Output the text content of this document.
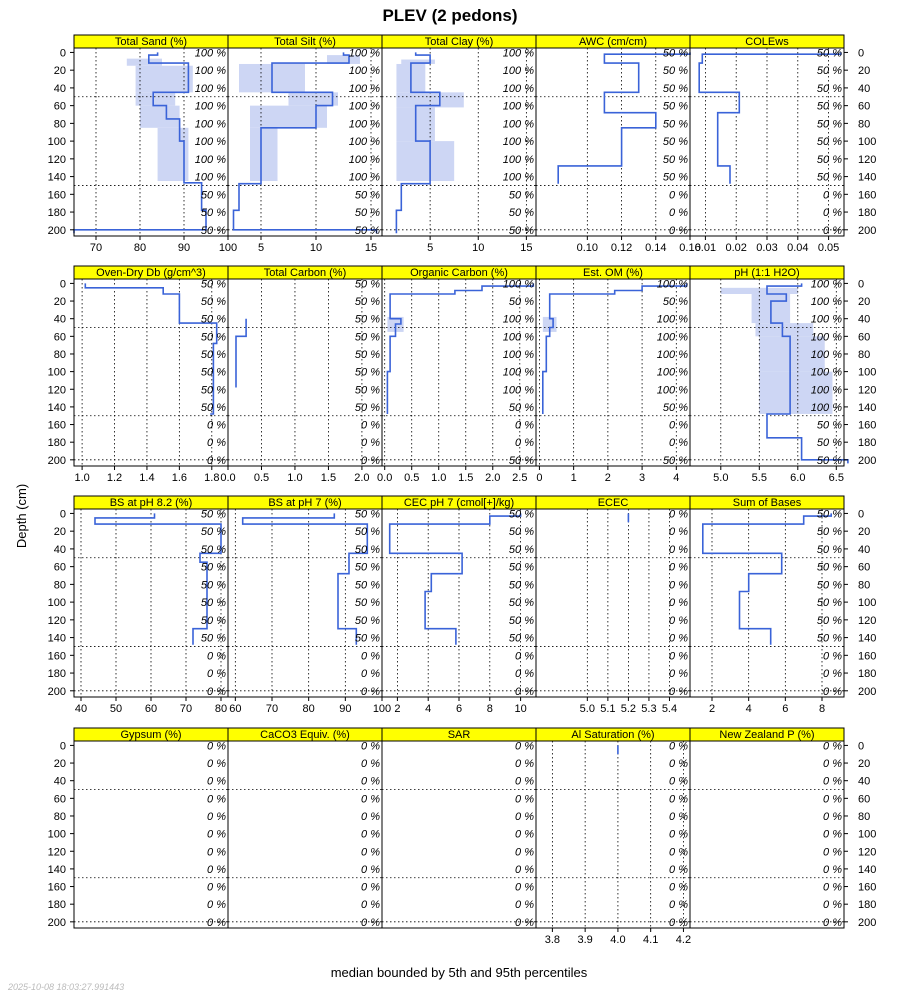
PLEV (2 pedons)
Depth (cm)
median bounded by 5th and 95th percentiles
2025-10-08 18:03:27.991443
Total Sand (%)
100 %
100 %
100 %
100 %
100 %
100 %
100 %
100 %
50 %
50 %
50 %
70	80	90	100
Total Silt (%)
100 %
100 %
100 %
100 %
100 %
100 %
100 %
100 %
50 %
50 %
50 %
5	10	15
Total Clay (%)
100 %
100 %
100 %
100 %
100 %
100 %
100 %
100 %
50 %
50 %
50 %
5	10	15
AWC (cm/cm)
50 %
50 %
50 %
50 %
50 %
50 %
50 %
50 %
0 %
0 %
0 %
0.10 0.12 0.14 0.16
COLEws
50 %
50 %
50 %
50 %
50 %
50 %
50 %
50 %
0 %
0 %
0 %
0.01 0.02 0.03 0.04 0.05
Oven-Dry Db (g/cm^3)
50 %
50 %
50 %
50 %
50 %
50 %
50 %
50 %
0 %
0 %
0 %
1.0 1.2 1.4 1.6 1.8
Total Carbon (%)
50 %
50 %
50 %
50 %
50 %
50 %
50 %
50 %
0 %
0 %
0 %
0.0 0.5 1.0 1.5 2.0
Organic Carbon (%)
100 %
50 %
100 %
100 %
100 %
100 %
100 %
50 %
0 %
0 %
50 %
0.0 0.5 1.0 1.5 2.0 2.5
Est. OM (%)
100 %
50 %
100 %
100 %
100 %
100 %
100 %
50 %
0 %
0 %
50 %
0	1	2	3	4
pH (1:1 H2O)
100 %
100 %
100 %
100 %
100 %
100 %
100 %
100 %
50 %
50 %
50 %
5.0 5.5 6.0 6.5
BS at pH 8.2 (%)
50 %
50 %
50 %
50 %
50 %
50 %
50 %
50 %
0 %
0 %
0 %
40 50 60 70 80
BS at pH 7 (%)
50 %
50 %
50 %
50 %
50 %
50 %
50 %
50 %
0 %
0 %
0 %
60 70 80 90 100
CEC pH 7 (cmol[+]/kg)
50 %
50 %
50 %
50 %
50 %
50 %
50 %
50 %
0 %
0 %
0 %
2 4 6 8 10
ECEC
0 %
0 %
0 %
0 %
0 %
0 %
0 %
0 %
0 %
0 %
0 %
5.0 5.1 5.2 5.3 5.4
Sum of Bases
50 %
50 %
50 %
50 %
50 %
50 %
50 %
50 %
0 %
0 %
0 %
2	4	6	8
Gypsum (%)
0 %
0 %
0 %
0 %
0 %
0 %
0 %
0 %
0 %
0 %
0 %
CaCO3 Equiv. (%)
0 %
0 %
0 %
0 %
0 %
0 %
0 %
0 %
0 %
0 %
0 %
SAR
0 %
0 %
0 %
0 %
0 %
0 %
0 %
0 %
0 %
0 %
0 %
Al Saturation (%)
0 %
0 %
0 %
0 %
0 %
0 %
0 %
0 %
0 %
0 %
0 %
3.8 3.9 4.0 4.1 4.2
New Zealand P (%)
0 %
0 %
0 %
0 %
0 %
0 %
0 %
0 %
0 %
0 %
0 %
0	0
20	20
40	40
60	60
80	80
100	100
120	120
140	140
160	160
180	180
200	200
0	0
20	20
40	40
60	60
80	80
100	100
120	120
140	140
160	160
180	180
200	200
0	0
20	20
40	40
60	60
80	80
100	100
120	120
140	140
160	160
180	180
200	200
0	0
20	20
40	40
60	60
80	80
100	100
120	120
140	140
160	160
180	180
200	200
